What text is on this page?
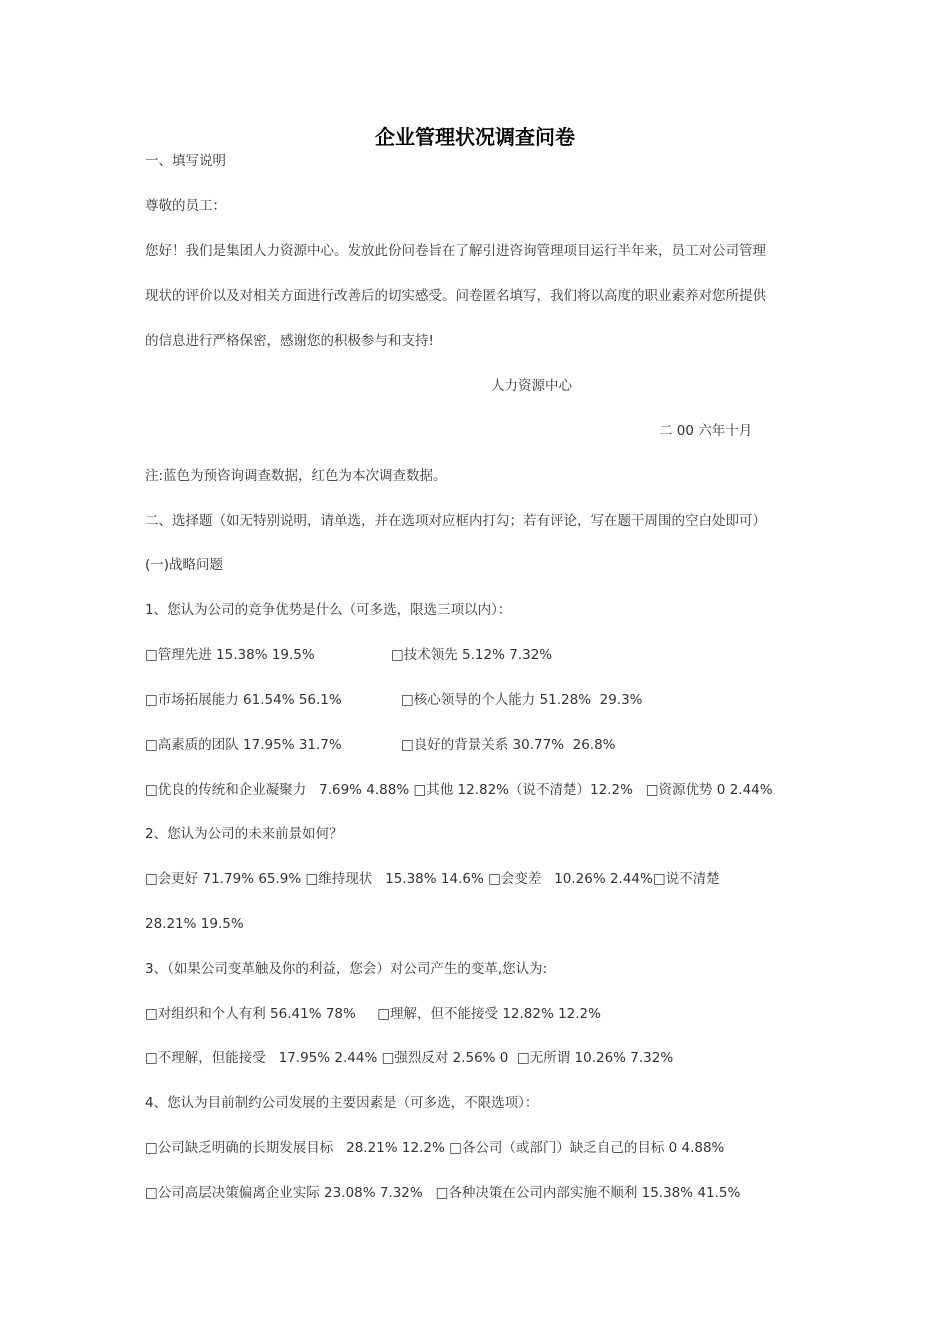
企业管理状况调查问卷
一、填写说明
尊敬的员工：
您好！我们是集团人力资源中心。发放此份问卷旨在了解引进咨询管理项目运行半年来，员工对公司管理
现状的评价以及对相关方面进行改善后的切实感受。问卷匿名填写，我们将以高度的职业素养对您所提供
的信息进行严格保密，感谢您的积极参与和支持!
人力资源中心
二 00 六年十月
注:蓝色为预咨询调查数据，红色为本次调查数据。
二、选择题（如无特别说明，请单选，并在选项对应框内打勾；若有评论，写在题干周围的空白处即可）
(一)战略问题
1、您认为公司的竞争优势是什么（可多选，限选三项以内）：
□管理先进 15.38% 19.5%	□技术领先 5.12% 7.32%
□市场拓展能力 61.54% 56.1%	□核心领导的个人能力 51.28%  29.3%
□高素质的团队 17.95% 31.7%	□良好的背景关系 30.77%  26.8%
□优良的传统和企业凝聚力   7.69% 4.88% □其他 12.82%（说不清楚）12.2%   □资源优势 0 2.44%
2、您认为公司的未来前景如何？
□会更好 71.79% 65.9% □维持现状   15.38% 14.6% □会变差   10.26% 2.44%□说不清楚
28.21% 19.5%
3、（如果公司变革触及你的利益，您会）对公司产生的变革,您认为:
□对组织和个人有利 56.41% 78%     □理解，但不能接受 12.82% 12.2%
□不理解，但能接受   17.95% 2.44% □强烈反对 2.56% 0  □无所谓 10.26% 7.32%
4、您认为目前制约公司发展的主要因素是（可多选，不限选项）：
□公司缺乏明确的长期发展目标   28.21% 12.2% □各公司（或部门）缺乏自己的目标 0 4.88%
□公司高层决策偏离企业实际 23.08% 7.32%   □各种决策在公司内部实施不顺利 15.38% 41.5%
